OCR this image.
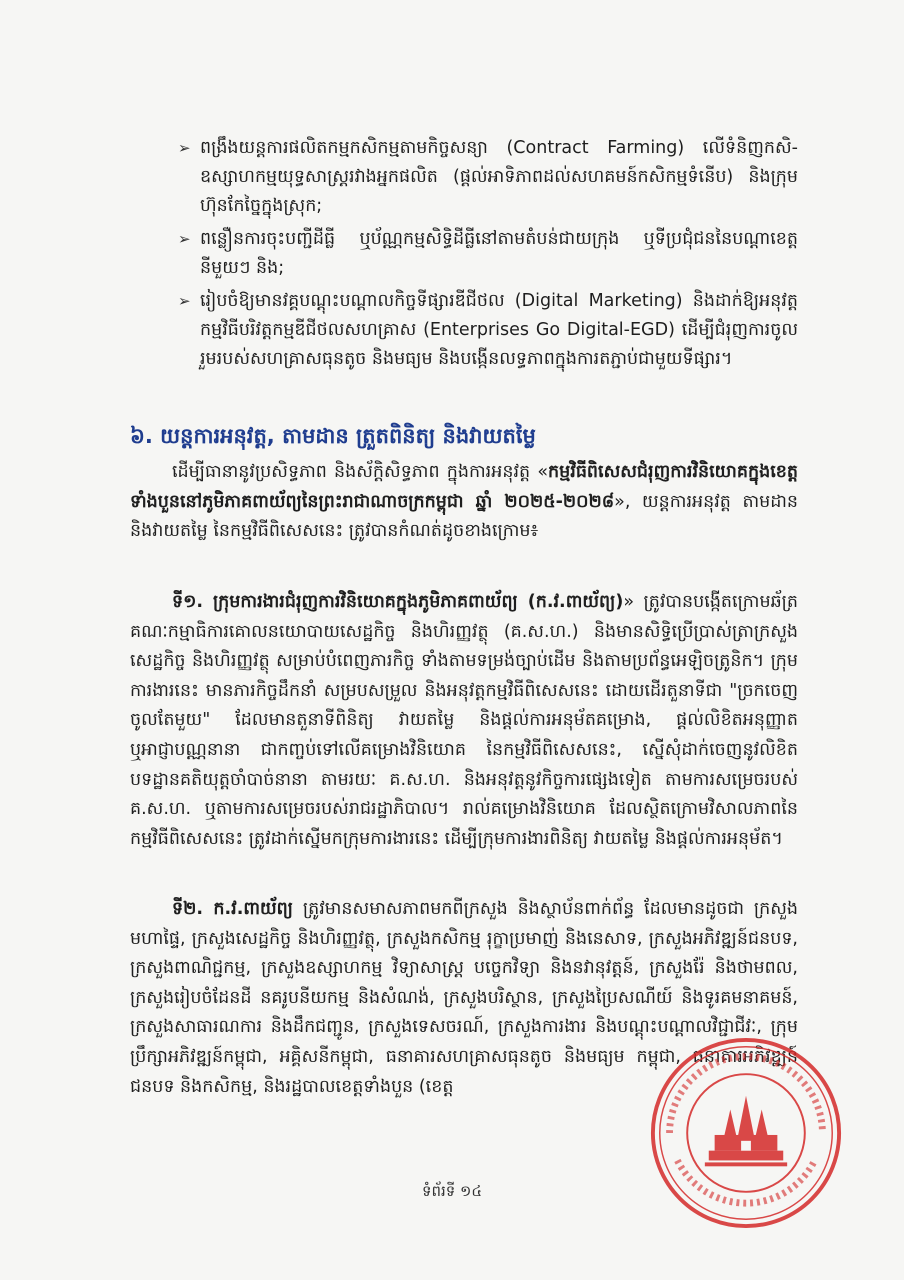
➢ ពង្រឹងយន្តការផលិតកម្មកសិកម្មតាមកិច្ចសន្យា (Contract Farming) លើទំនិញកសិ-ឧស្សាហកម្មយុទ្ធសាស្ត្ររវាងអ្នកផលិត (ផ្តល់អាទិភាពដល់សហគមន៍កសិកម្មទំនើប) និងក្រុមហ៊ុនកែច្នៃក្នុងស្រុក;
➢ ពន្លឿនការចុះបញ្ជីដីធ្លី ឬប័ណ្ណកម្មសិទ្ធិដីធ្លីនៅតាមតំបន់ជាយក្រុង ឬទីប្រជុំជននៃបណ្តាខេត្តនីមួយៗ និង;
➢ រៀបចំឱ្យមានវគ្គបណ្តុះបណ្តាលកិច្ចទីផ្សារឌីជីថល (Digital Marketing) និងដាក់ឱ្យអនុវត្តកម្មវិធីបរិវត្តកម្មឌីជីថលសហគ្រាស (Enterprises Go Digital-EGD) ដើម្បីជំរុញការចូលរួមរបស់សហគ្រាសធុនតូច និងមធ្យម និងបង្កើនលទ្ធភាពក្នុងការតភ្ជាប់ជាមួយទីផ្សារ។
៦. យន្តការអនុវត្ត, តាមដាន ត្រួតពិនិត្យ និងវាយតម្លៃ
ដើម្បីធានានូវប្រសិទ្ធភាព និងស័ក្តិសិទ្ធភាព ក្នុងការអនុវត្ត «កម្មវិធីពិសេសជំរុញការវិនិយោគក្នុងខេត្តទាំងបួននៅភូមិភាគពាយ័ព្យនៃព្រះរាជាណាចក្រកម្ពុជា ឆ្នាំ ២០២៥-២០២៨», យន្តការអនុវត្ត តាមដាន និងវាយតម្លៃ នៃកម្មវិធីពិសេសនេះ ត្រូវបានកំណត់ដូចខាងក្រោម៖
ទី១. ក្រុមការងារជំរុញការវិនិយោគក្នុងភូមិភាគពាយ័ព្យ (ក.វ.ពាយ័ព្យ)» ត្រូវបានបង្កើតក្រោមឆ័ត្រគណៈកម្មាធិការគោលនយោបាយសេដ្ឋកិច្ច និងហិរញ្ញវត្ថុ (គ.ស.ហ.) និងមានសិទ្ធិប្រើប្រាស់ត្រាក្រសួងសេដ្ឋកិច្ច និងហិរញ្ញវត្ថុ សម្រាប់បំពេញភារកិច្ច ទាំងតាមទម្រង់ច្បាប់ដើម និងតាមប្រព័ន្ធអេឡិចត្រូនិក។ ក្រុមការងារនេះ មានភារកិច្ចដឹកនាំ សម្របសម្រួល និងអនុវត្តកម្មវិធីពិសេសនេះ ដោយដើរតួនាទីជា "ច្រកចេញចូលតែមួយ" ដែលមានតួនាទីពិនិត្យ វាយតម្លៃ និងផ្តល់ការអនុម័តគម្រោង, ផ្តល់លិខិតអនុញ្ញាត ឬអាជ្ញាបណ្ណនានា ជាកញ្ចប់ទៅលើគម្រោងវិនិយោគ នៃកម្មវិធីពិសេសនេះ, ស្នើសុំដាក់ចេញនូវលិខិតបទដ្ឋានគតិយុត្តចាំបាច់នានា តាមរយៈ គ.ស.ហ. និងអនុវត្តនូវកិច្ចការផ្សេងទៀត តាមការសម្រេចរបស់ គ.ស.ហ. ឬតាមការសម្រេចរបស់រាជរដ្ឋាភិបាល។ រាល់គម្រោងវិនិយោគ ដែលស្ថិតក្រោមវិសាលភាពនៃកម្មវិធីពិសេសនេះ ត្រូវដាក់ស្នើមកក្រុមការងារនេះ ដើម្បីក្រុមការងារពិនិត្យ វាយតម្លៃ និងផ្តល់ការអនុម័ត។
ទី២. ក.វ.ពាយ័ព្យ ត្រូវមានសមាសភាពមកពីក្រសួង និងស្ថាប័នពាក់ព័ន្ធ ដែលមានដូចជា ក្រសួងមហាផ្ទៃ, ក្រសួងសេដ្ឋកិច្ច និងហិរញ្ញវត្ថុ, ក្រសួងកសិកម្ម រុក្ខាប្រមាញ់ និងនេសាទ, ក្រសួងអភិវឌ្ឍន៍ជនបទ, ក្រសួងពាណិជ្ជកម្ម, ក្រសួងឧស្សាហកម្ម វិទ្យាសាស្ត្រ បច្ចេកវិទ្យា និងនវានុវត្តន៍, ក្រសួងរ៉ែ និងថាមពល, ក្រសួងរៀបចំដែនដី នគរូបនីយកម្ម និងសំណង់, ក្រសួងបរិស្ថាន, ក្រសួងប្រៃសណីយ៍ និងទូរគមនាគមន៍, ក្រសួងសាធារណការ និងដឹកជញ្ជូន, ក្រសួងទេសចរណ៍, ក្រសួងការងារ និងបណ្តុះបណ្តាលវិជ្ជាជីវៈ, ក្រុមប្រឹក្សាអភិវឌ្ឍន៍កម្ពុជា, អគ្គិសនីកម្ពុជា, ធនាគារសហគ្រាសធុនតូច និងមធ្យម កម្ពុជា, ធនាគារអភិវឌ្ឍន៍ជនបទ និងកសិកម្ម, និងរដ្ឋបាលខេត្តទាំងបួន (ខេត្ត
ទំព័រទី ១៤
